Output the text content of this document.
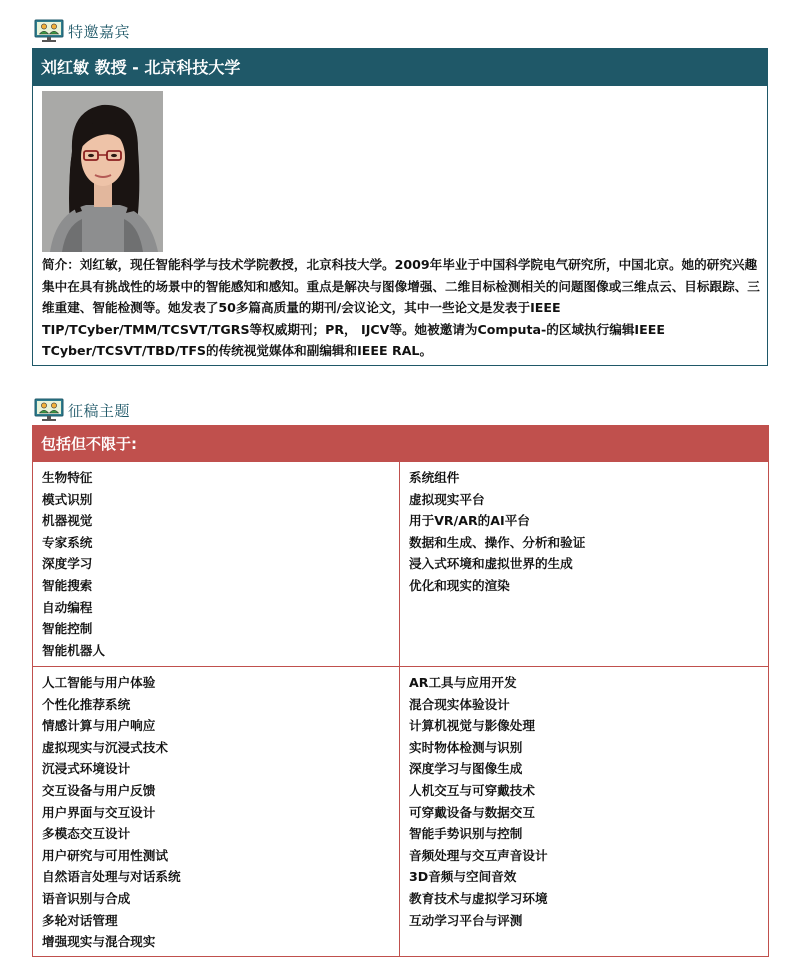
特邀嘉宾
刘红敏 教授 - 北京科技大学

简介：刘红敏，现任智能科学与技术学院教授，北京科技大学。2009年毕业于中国科学院电气研究所，中国北京。她的研究兴趣集中在具有挑战性的场景中的智能感知和感知。重点是解决与图像增强、二维目标检测相关的问题图像或三维点云、目标跟踪、三维重建、智能检测等。她发表了50多篇高质量的期刊/会议论文，其中一些论文是发表于IEEE TIP/TCyber/TMM/TCSVT/TGRS等权威期刊；PR， IJCV等。她被邀请为Computa-的区域执行编辑IEEE TCyber/TCSVT/TBD/TFS的传统视觉媒体和副编辑和IEEE RAL。

征稿主题
包括但不限于:
生物特征
模式识别
机器视觉
专家系统
深度学习
智能搜索
自动编程
智能控制
智能机器人
系统组件
虚拟现实平台
用于VR/AR的AI平台
数据和生成、操作、分析和验证
浸入式环境和虚拟世界的生成
优化和现实的渲染
人工智能与用户体验
个性化推荐系统
情感计算与用户响应
虚拟现实与沉浸式技术
沉浸式环境设计
交互设备与用户反馈
用户界面与交互设计
多模态交互设计
用户研究与可用性测试
自然语言处理与对话系统
语音识别与合成
多轮对话管理
增强现实与混合现实
AR工具与应用开发
混合现实体验设计
计算机视觉与影像处理
实时物体检测与识别
深度学习与图像生成
人机交互与可穿戴技术
可穿戴设备与数据交互
智能手势识别与控制
音频处理与交互声音设计
3D音频与空间音效
教育技术与虚拟学习环境
互动学习平台与评测
